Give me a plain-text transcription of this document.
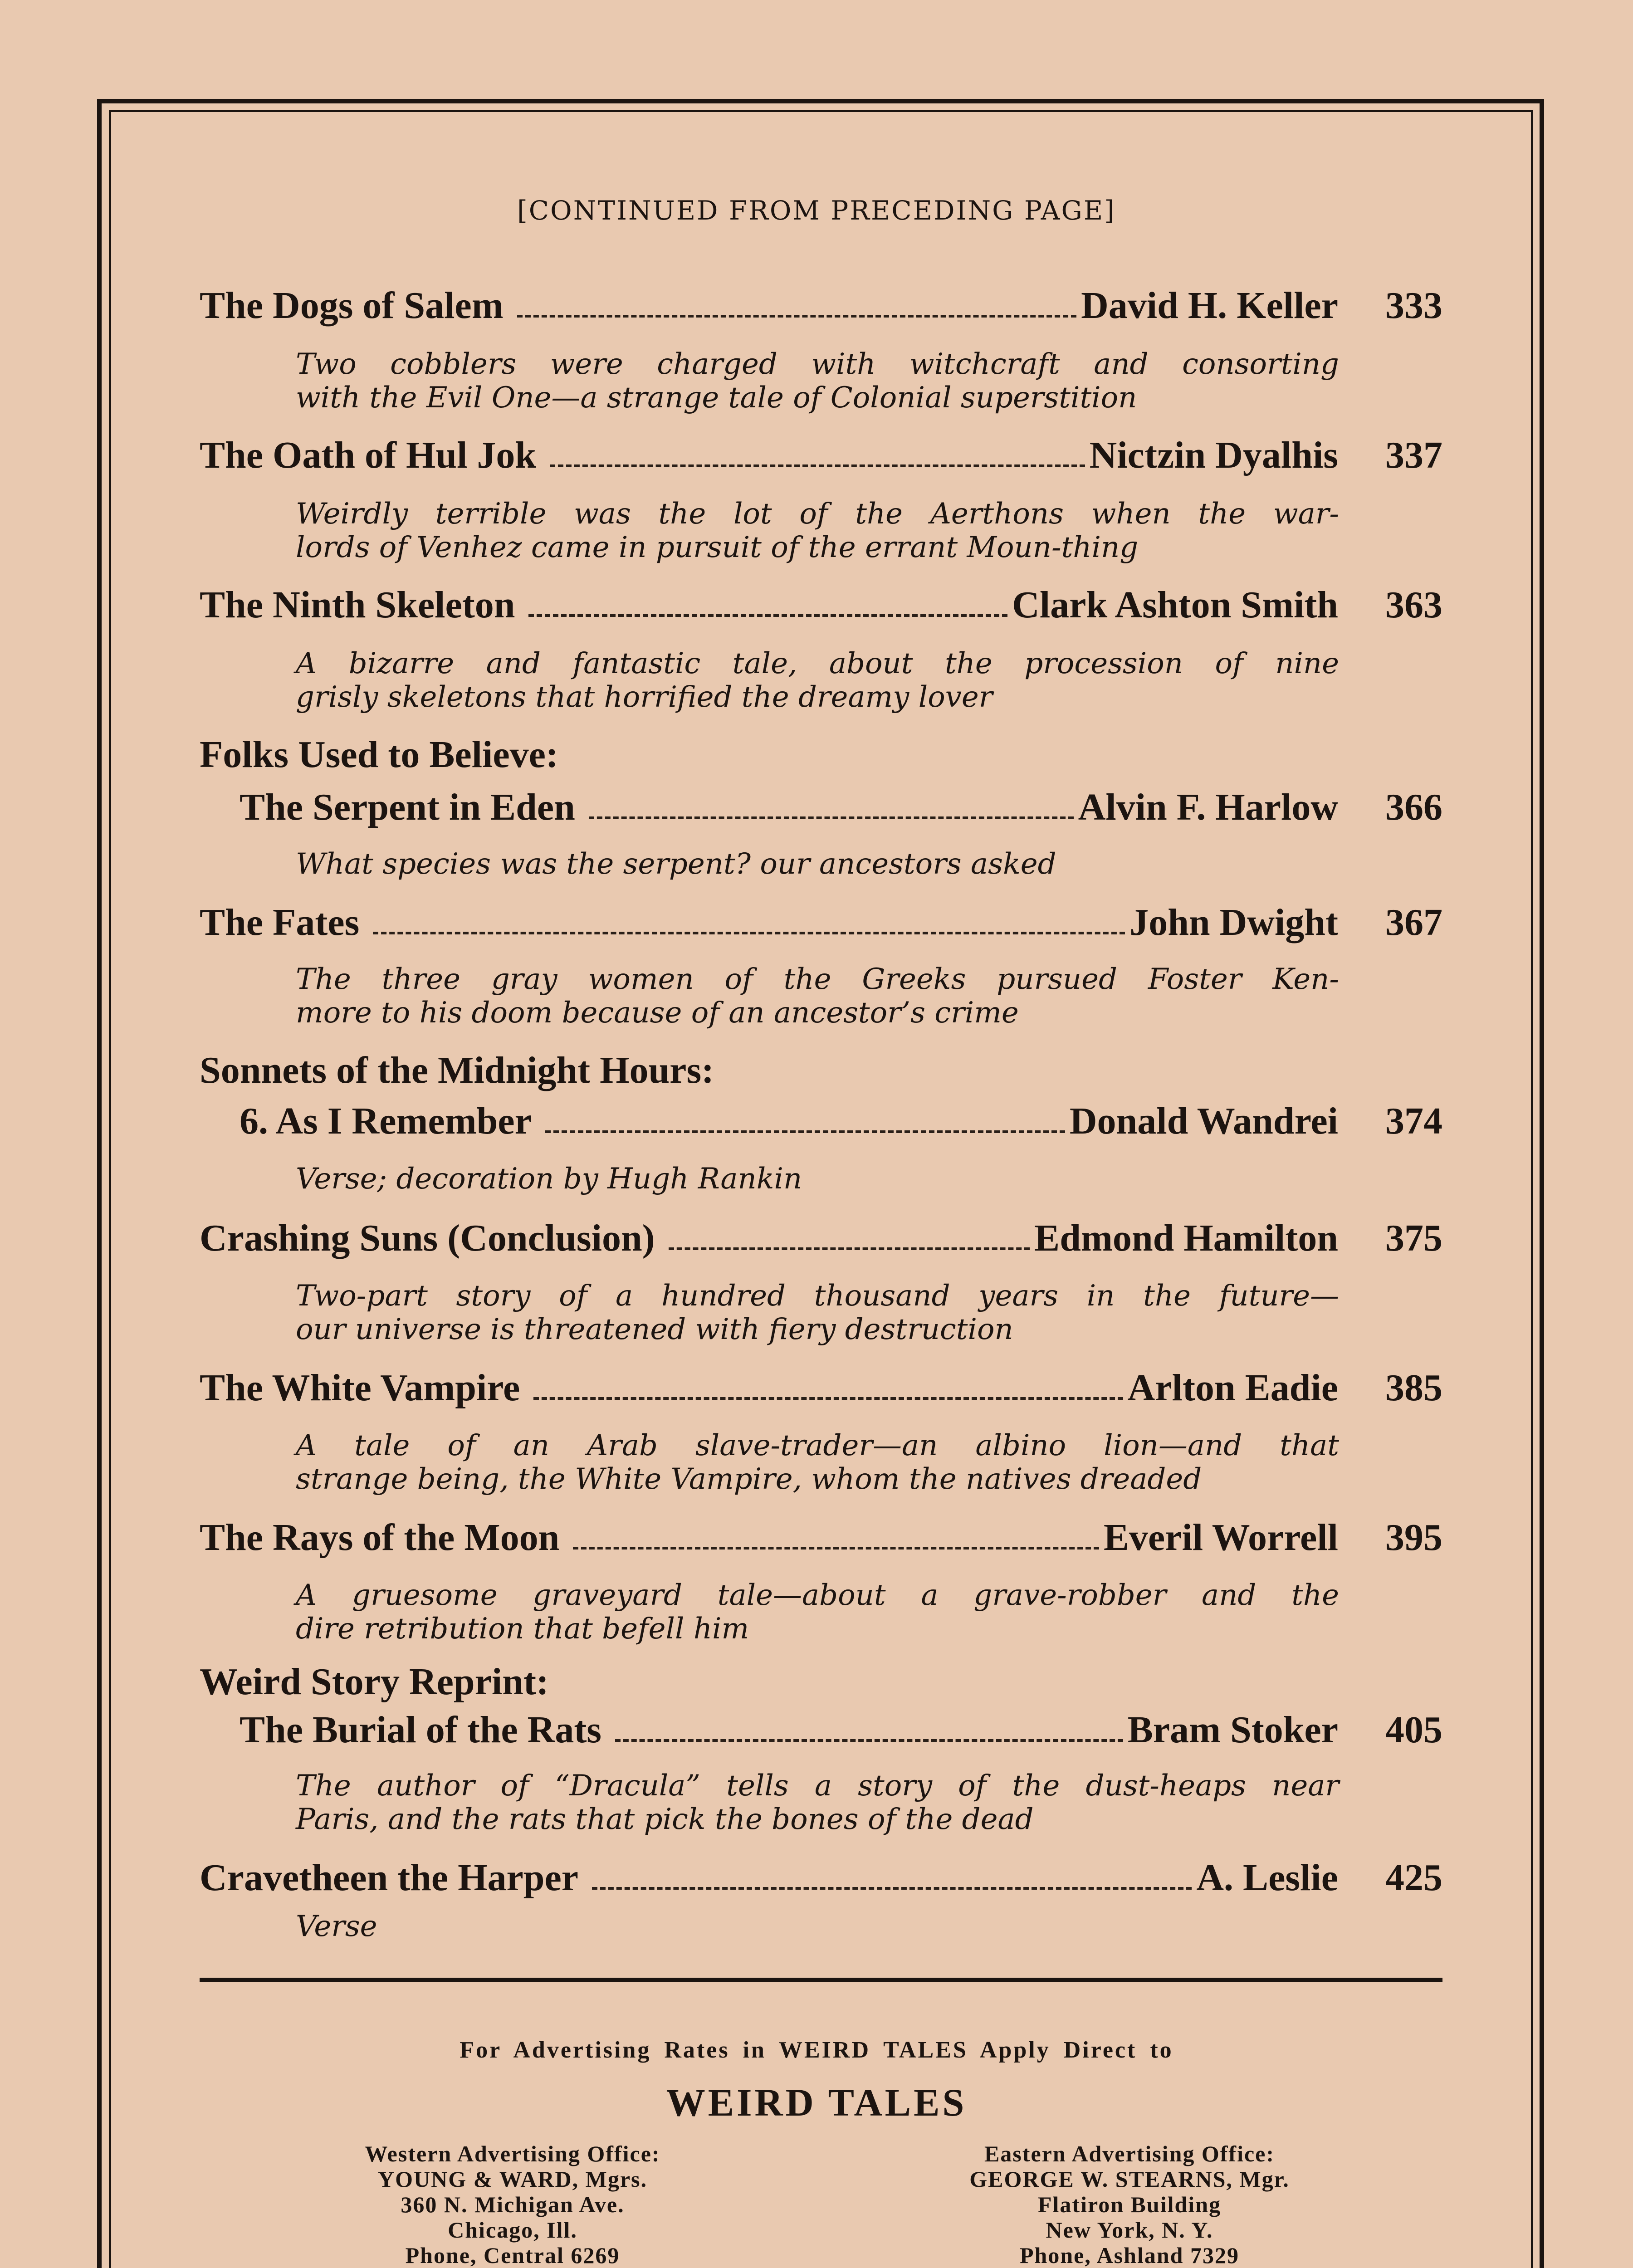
[CONTINUED FROM PRECEDING PAGE]
The Dogs of Salem	David H. Keller	333
Two cobblers were charged with witchcraft and consorting
with the Evil One—a strange tale of Colonial superstition
The Oath of Hul Jok	Nictzin Dyalhis	337
Weirdly terrible was the lot of the Aerthons when the war-
lords of Venhez came in pursuit of the errant Moun-thing
The Ninth Skeleton	Clark Ashton Smith	363
A bizarre and fantastic tale, about the procession of nine
grisly skeletons that horrified the dreamy lover
Folks Used to Believe:
The Serpent in Eden	Alvin F. Harlow	366
What species was the serpent? our ancestors asked
The Fates	John Dwight	367
The three gray women of the Greeks pursued Foster Ken-
more to his doom because of an ancestor’s crime
Sonnets of the Midnight Hours:
6. As I Remember	Donald Wandrei	374
Verse; decoration by Hugh Rankin
Crashing Suns (Conclusion)	Edmond Hamilton	375
Two-part story of a hundred thousand years in the future—
our universe is threatened with fiery destruction
The White Vampire	Arlton Eadie	385
A tale of an Arab slave-trader—an albino lion—and that
strange being, the White Vampire, whom the natives dreaded
The Rays of the Moon	Everil Worrell	395
A gruesome graveyard tale—about a grave-robber and the
dire retribution that befell him
Weird Story Reprint:
The Burial of the Rats	Bram Stoker	405
The author of “Dracula” tells a story of the dust-heaps near
Paris, and the rats that pick the bones of the dead
Cravetheen the Harper	A. Leslie	425
Verse
For Advertising Rates in WEIRD TALES Apply Direct to
WEIRD TALES
Western Advertising Office:
YOUNG & WARD, Mgrs.
360 N. Michigan Ave.
Chicago, Ill.
Phone, Central 6269
Eastern Advertising Office:
GEORGE W. STEARNS, Mgr.
Flatiron Building
New York, N. Y.
Phone, Ashland 7329
